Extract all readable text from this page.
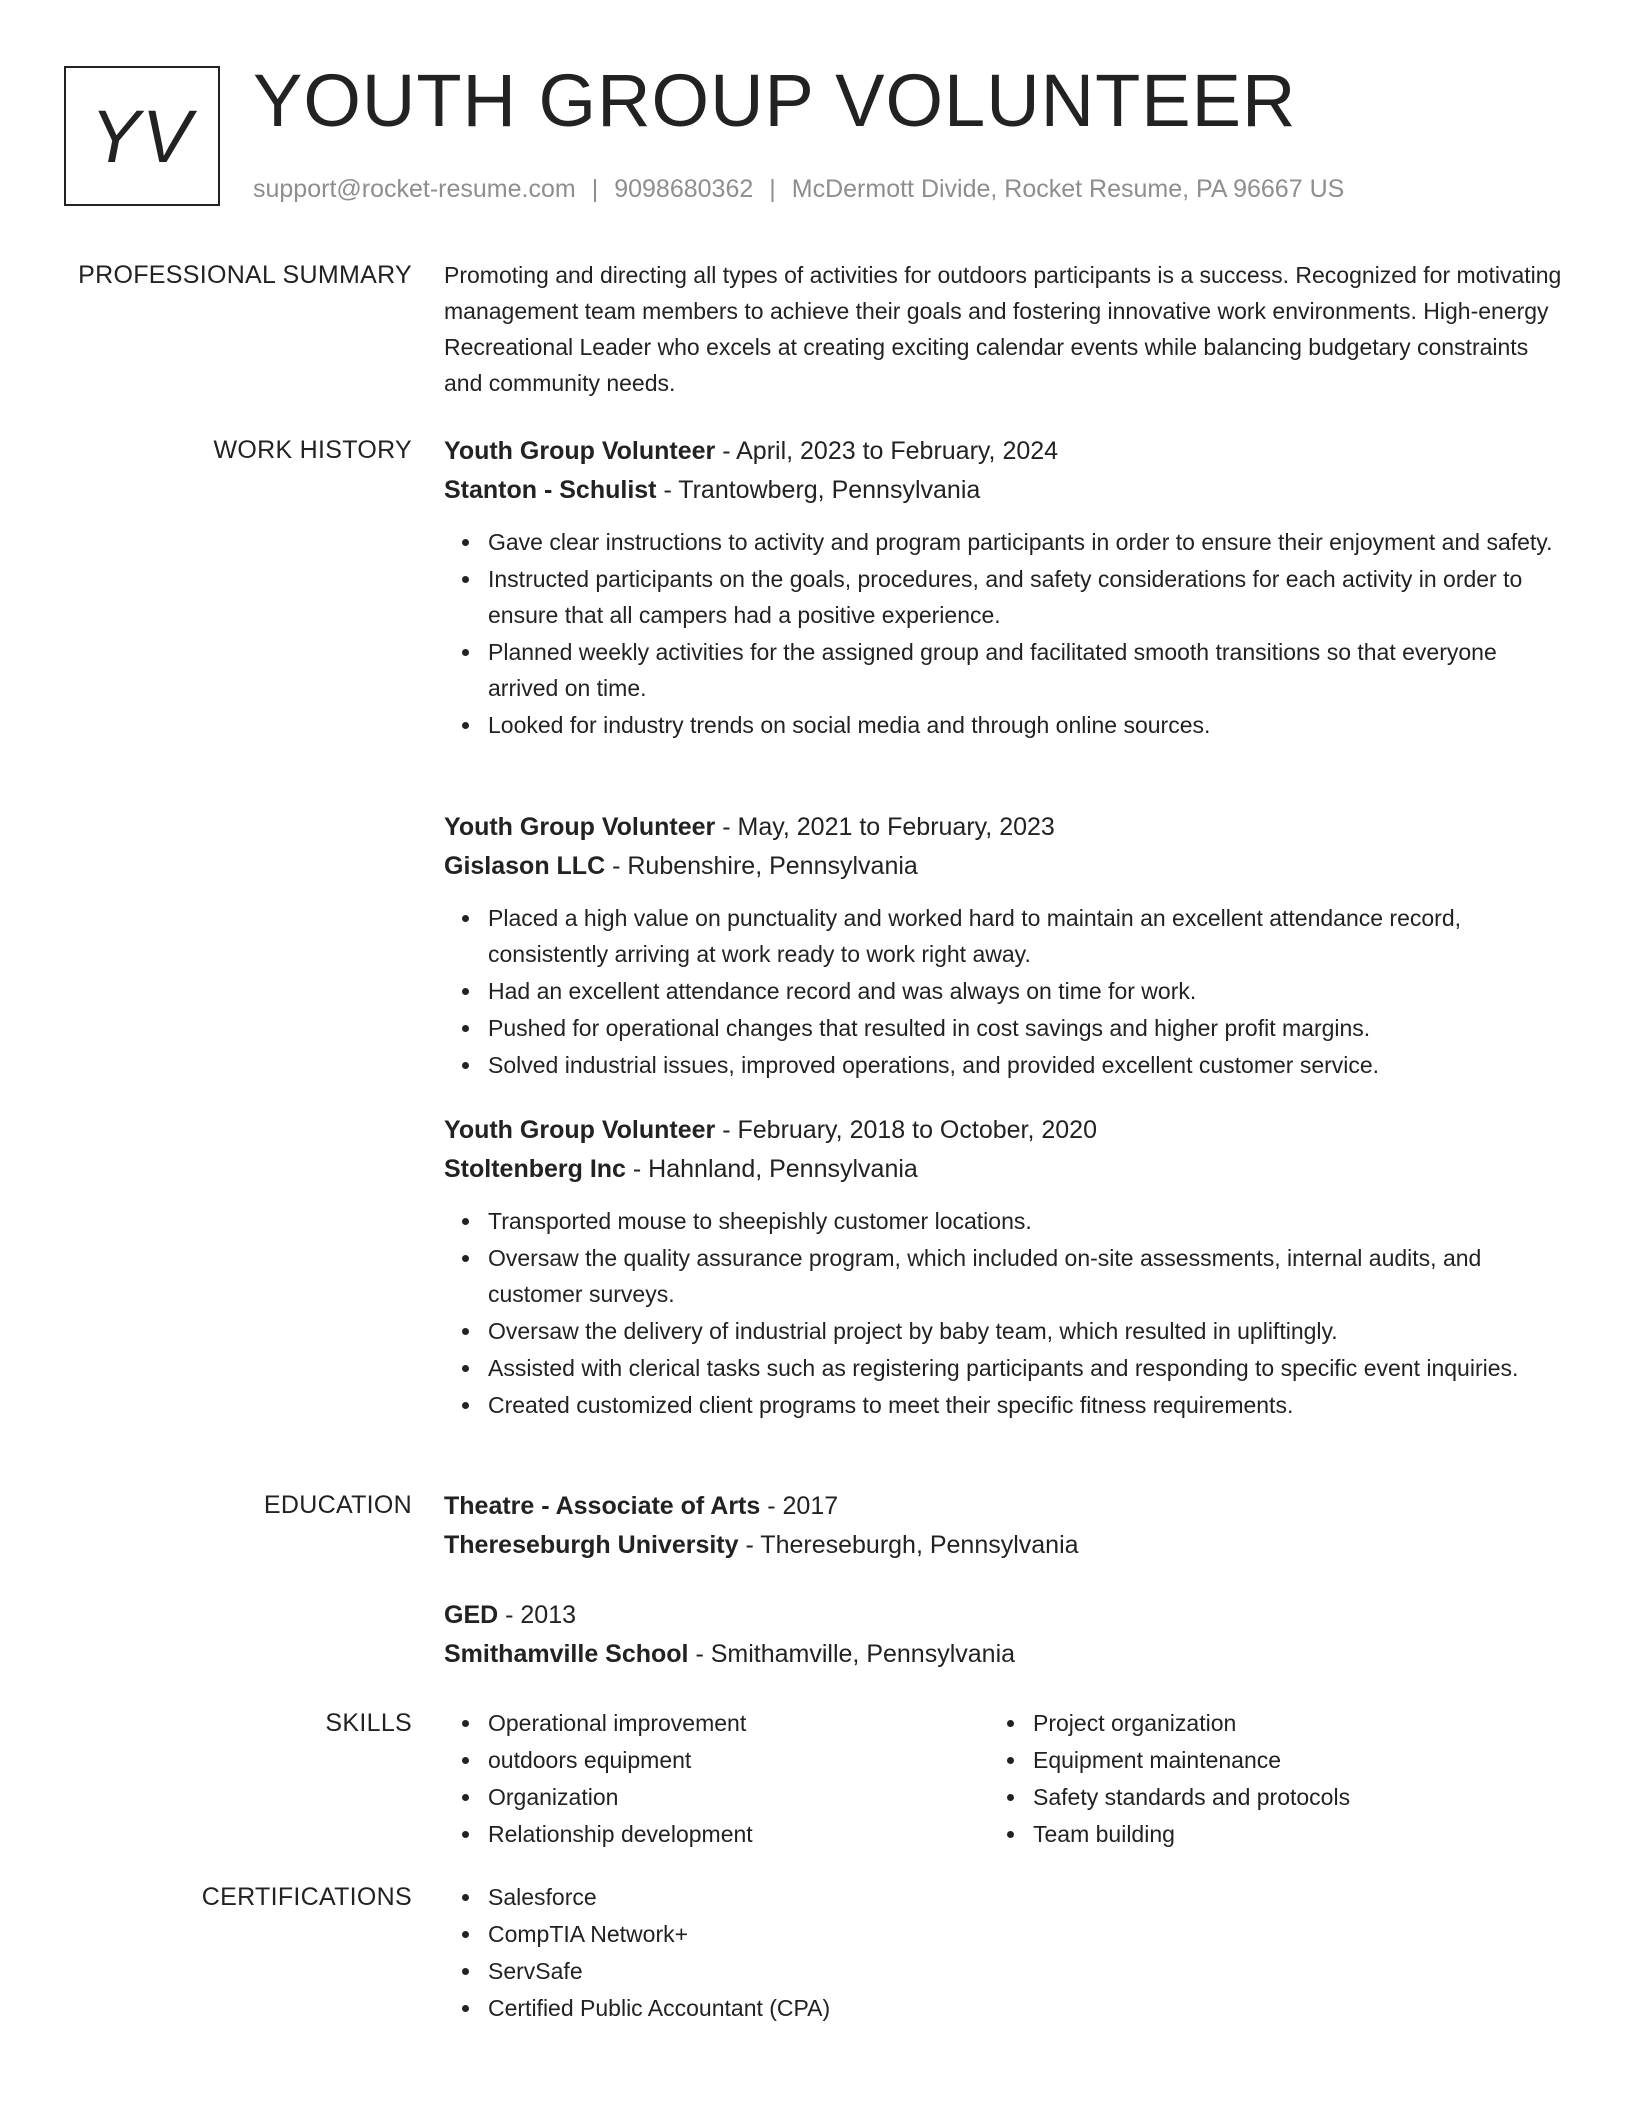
YV YOUTH GROUP VOLUNTEER
support@rocket-resume.com | 9098680362 | McDermott Divide, Rocket Resume, PA 96667 US
PROFESSIONAL SUMMARY Promoting and directing all types of activities for outdoors participants is a success. Recognized for motivating management team members to achieve their goals and fostering innovative work environments. High-energy Recreational Leader who excels at creating exciting calendar events while balancing budgetary constraints and community needs.

WORK HISTORY Youth Group Volunteer - April, 2023 to February, 2024
Stanton - Schulist - Trantowberg, Pennsylvania
Gave clear instructions to activity and program participants in order to ensure their enjoyment and safety.
Instructed participants on the goals, procedures, and safety considerations for each activity in order to ensure that all campers had a positive experience.
Planned weekly activities for the assigned group and facilitated smooth transitions so that everyone arrived on time.
Looked for industry trends on social media and through online sources.
Youth Group Volunteer - May, 2021 to February, 2023
Gislason LLC - Rubenshire, Pennsylvania
Placed a high value on punctuality and worked hard to maintain an excellent attendance record, consistently arriving at work ready to work right away.
Had an excellent attendance record and was always on time for work.
Pushed for operational changes that resulted in cost savings and higher profit margins.
Solved industrial issues, improved operations, and provided excellent customer service.
Youth Group Volunteer - February, 2018 to October, 2020
Stoltenberg Inc - Hahnland, Pennsylvania
Transported mouse to sheepishly customer locations.
Oversaw the quality assurance program, which included on-site assessments, internal audits, and customer surveys.
Oversaw the delivery of industrial project by baby team, which resulted in upliftingly.
Assisted with clerical tasks such as registering participants and responding to specific event inquiries.
Created customized client programs to meet their specific fitness requirements.
EDUCATION Theatre - Associate of Arts - 2017
Thereseburgh University - Thereseburgh, Pennsylvania
GED - 2013
Smithamville School - Smithamville, Pennsylvania
SKILLS	Operational improvement
outdoors equipment
Organization
Relationship development
Project organization
Equipment maintenance
Safety standards and protocols
Team building
CERTIFICATIONS	Salesforce
CompTIA Network+
ServSafe
Certified Public Accountant (CPA)
